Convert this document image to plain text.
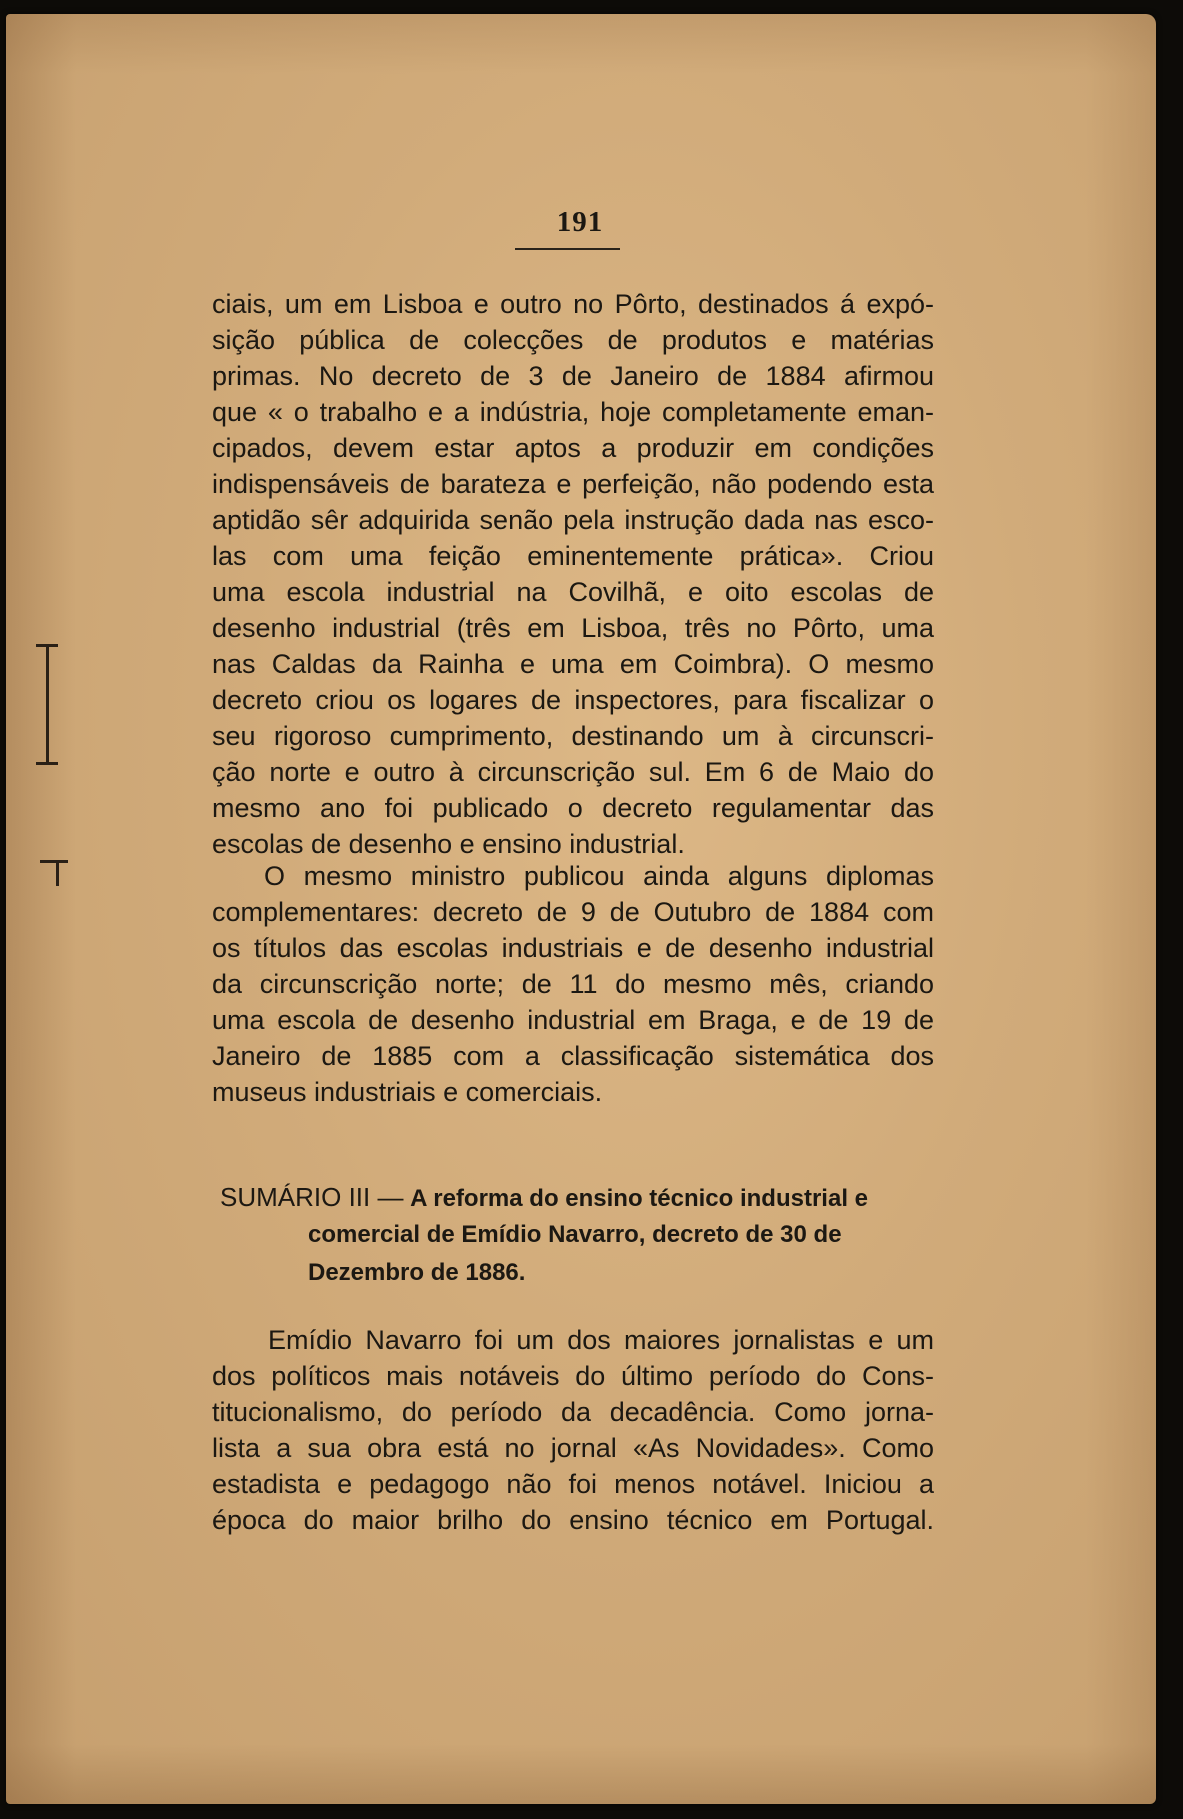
191
ciais, um em Lisboa e outro no Pôrto, destinados á expó-
sição pública de colecções de produtos e matérias
primas. No decreto de 3 de Janeiro de 1884 afirmou
que « o trabalho e a indústria, hoje completamente eman-
cipados, devem estar aptos a produzir em condições
indispensáveis de barateza e perfeição, não podendo esta
aptidão sêr adquirida senão pela instrução dada nas esco-
las com uma feição eminentemente prática». Criou
uma escola industrial na Covilhã, e oito escolas de
desenho industrial (três em Lisboa, três no Pôrto, uma
nas Caldas da Rainha e uma em Coimbra). O mesmo
decreto criou os logares de inspectores, para fiscalizar o
seu rigoroso cumprimento, destinando um à circunscri-
ção norte e outro à circunscrição sul. Em 6 de Maio do
mesmo ano foi publicado o decreto regulamentar das
escolas de desenho e ensino industrial.
O mesmo ministro publicou ainda alguns diplomas
complementares: decreto de 9 de Outubro de 1884 com
os títulos das escolas industriais e de desenho industrial
da circunscrição norte; de 11 do mesmo mês, criando
uma escola de desenho industrial em Braga, e de 19 de
Janeiro de 1885 com a classificação sistemática dos
museus industriais e comerciais.
SUMÁRIO III — A reforma do ensino técnico industrial e
comercial de Emídio Navarro, decreto de 30 de
Dezembro de 1886.
Emídio Navarro foi um dos maiores jornalistas e um
dos políticos mais notáveis do último período do Cons-
titucionalismo, do período da decadência. Como jorna-
lista a sua obra está no jornal «As Novidades». Como
estadista e pedagogo não foi menos notável. Iniciou a
época do maior brilho do ensino técnico em Portugal.
